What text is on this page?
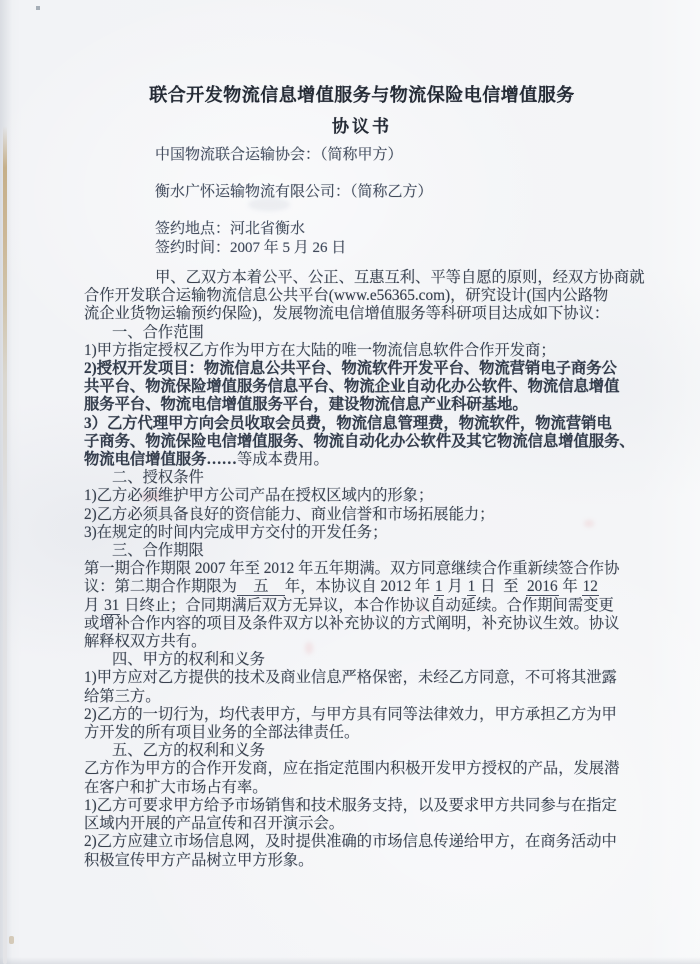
联合开发物流信息增值服务与物流保险电信增值服务
协议书
中国物流联合运输协会：（简称甲方）
衡水广怀运输物流有限公司：（简称乙方）
签约地点：河北省衡水
签约时间：2007 年 5 月 26 日
甲、乙双方本着公平、公正、互惠互利、平等自愿的原则，经双方协商就
合作开发联合运输物流信息公共平台(www.e56365.com)，研究设计(国内公路物
流企业货物运输预约保险)，发展物流电信增值服务等科研项目达成如下协议：
一、合作范围
1)甲方指定授权乙方作为甲方在大陆的唯一物流信息软件合作开发商；
2)授权开发项目：物流信息公共平台、物流软件开发平台、物流营销电子商务公
共平台、物流保险增值服务信息平台、物流企业自动化办公软件、物流信息增值
服务平台、物流电信增值服务平台，建设物流信息产业科研基地。
3）乙方代理甲方向会员收取会员费，物流信息管理费，物流软件，物流营销电
子商务、物流保险电信增值服务、物流自动化办公软件及其它物流信息增值服务、
物流电信增值服务……等成本费用。
二、授权条件
1)乙方必须维护甲方公司产品在授权区域内的形象；
2)乙方必须具备良好的资信能力、商业信誉和市场拓展能力；
3)在规定的时间内完成甲方交付的开发任务；
三、合作期限
第一期合作期限 2007 年至 2012 年五年期满。双方同意继续合作重新续签合作协
议：第二期合作期限为　五　年，本协议自 2012 年 1 月 1 日  至  2016 年 12
月 31 日终止；合同期满后双方无异议，本合作协议自动延续。合作期间需变更
或增补合作内容的项目及条件双方以补充协议的方式阐明，补充协议生效。协议
解释权双方共有。
四、甲方的权利和义务
1)甲方应对乙方提供的技术及商业信息严格保密，未经乙方同意，不可将其泄露
给第三方。
2)乙方的一切行为，均代表甲方，与甲方具有同等法律效力，甲方承担乙方为甲
方开发的所有项目业务的全部法律责任。
五、乙方的权利和义务
乙方作为甲方的合作开发商，应在指定范围内积极开发甲方授权的产品，发展潜
在客户和扩大市场占有率。
1)乙方可要求甲方给予市场销售和技术服务支持，以及要求甲方共同参与在指定
区域内开展的产品宣传和召开演示会。
2)乙方应建立市场信息网，及时提供准确的市场信息传递给甲方，在商务活动中
积极宣传甲方产品树立甲方形象。
